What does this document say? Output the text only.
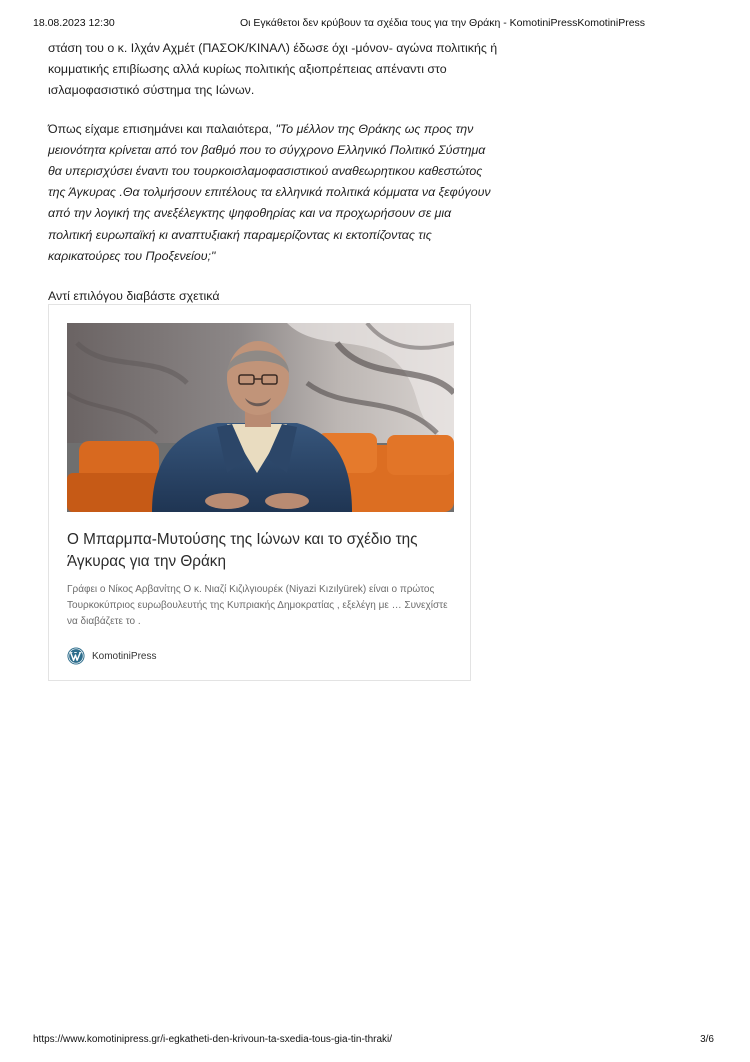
18.08.2023 12:30	Οι Εγκάθετοι δεν κρύβουν τα σχέδια τους για την Θράκη - KomotiniPressKomotiniPress

στάση του ο κ. Ιλχάν Αχμέτ (ΠΑΣΟΚ/ΚΙΝΑΛ) έδωσε όχι -μόνον- αγώνα πολιτικής ή
κομματικής επιβίωσης αλλά κυρίως πολιτικής αξιοπρέπειας απέναντι στο
ισλαμοφασιστικό σύστημα της Ιώνων.

Όπως είχαμε επισημάνει και παλαιότερα, "Το μέλλον της Θράκης ως προς την
μειονότητα κρίνεται από τον βαθμό που το σύγχρονο Ελληνικό Πολιτικό Σύστημα
θα υπερισχύσει έναντι του τουρκοισλαμοφασιστικού αναθεωρητικου καθεστώτος
της Άγκυρας .Θα τολμήσουν επιτέλους τα ελληνικά πολιτικά κόμματα να ξεφύγουν
από την λογική της ανεξέλεγκτης ψηφοθηρίας και να προχωρήσουν σε μια
πολιτική ευρωπαϊκή κι αναπτυξιακή παραμερίζοντας κι εκτοπίζοντας τις
καρικατούρες του Προξενείου;"

Αντί επιλόγου διαβάστε σχετικά

Ο Μπαρμπα-Μυτούσης της Ιώνων και το σχέδιο της
Άγκυρας για την Θράκη
Γράφει ο Νίκος Αρβανίτης Ο κ. Νιαζί Κιζιλγιουρέκ (Niyazi Kızılyürek) είναι ο πρώτος
Τουρκοκύπριος ευρωβουλευτής της Κυπριακής Δημοκρατίας , εξελέγη με … Συνεχίστε
να διαβάζετε το .
KomotiniPress
https://www.komotinipress.gr/i-egkatheti-den-krivoun-ta-sxedia-tous-gia-tin-thraki/	3/6
